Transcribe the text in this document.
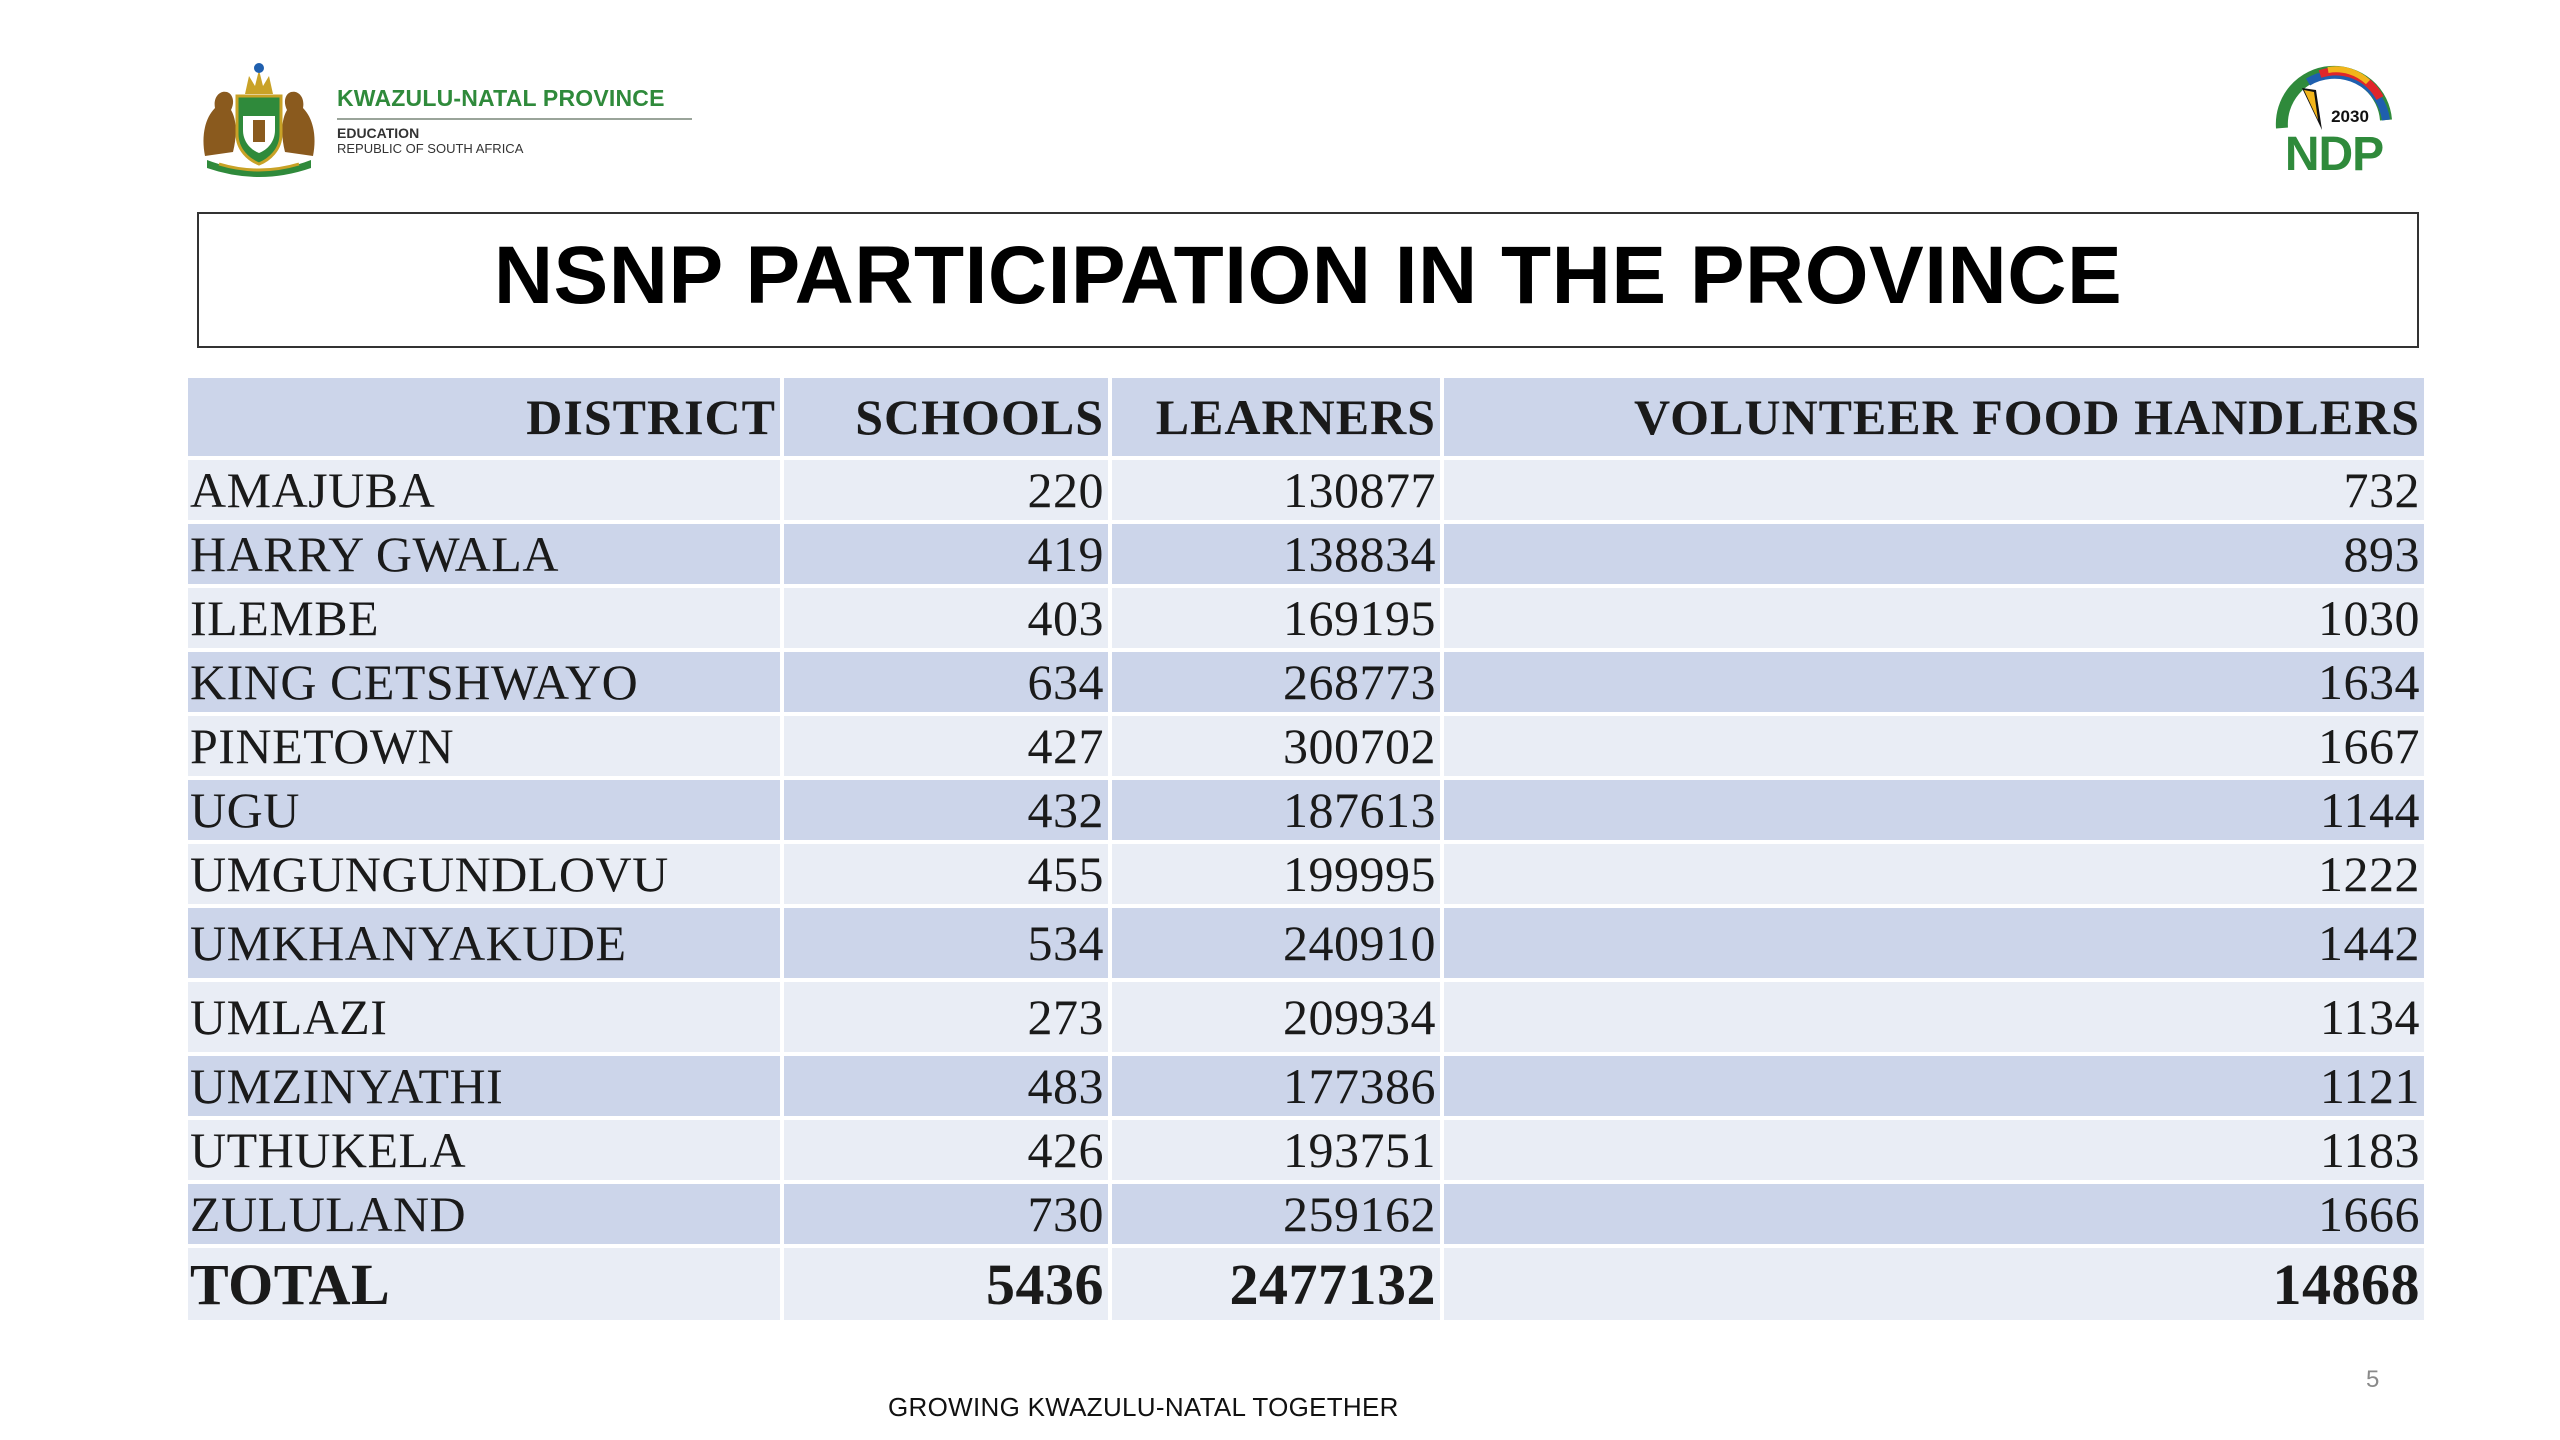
KWAZULU-NATAL PROVINCE
EDUCATION
REPUBLIC OF SOUTH AFRICA
2030
NDP
NSNP PARTICIPATION IN THE PROVINCE
DISTRICT	SCHOOLS	LEARNERS	VOLUNTEER FOOD HANDLERS
AMAJUBA	220	130877	732
HARRY GWALA	419	138834	893
ILEMBE	403	169195	1030
KING CETSHWAYO	634	268773	1634
PINETOWN	427	300702	1667
UGU	432	187613	1144
UMGUNGUNDLOVU	455	199995	1222
UMKHANYAKUDE	534	240910	1442
UMLAZI	273	209934	1134
UMZINYATHI	483	177386	1121
UTHUKELA	426	193751	1183
ZULULAND	730	259162	1666
TOTAL	5436	2477132	14868
GROWING KWAZULU-NATAL TOGETHER
5
